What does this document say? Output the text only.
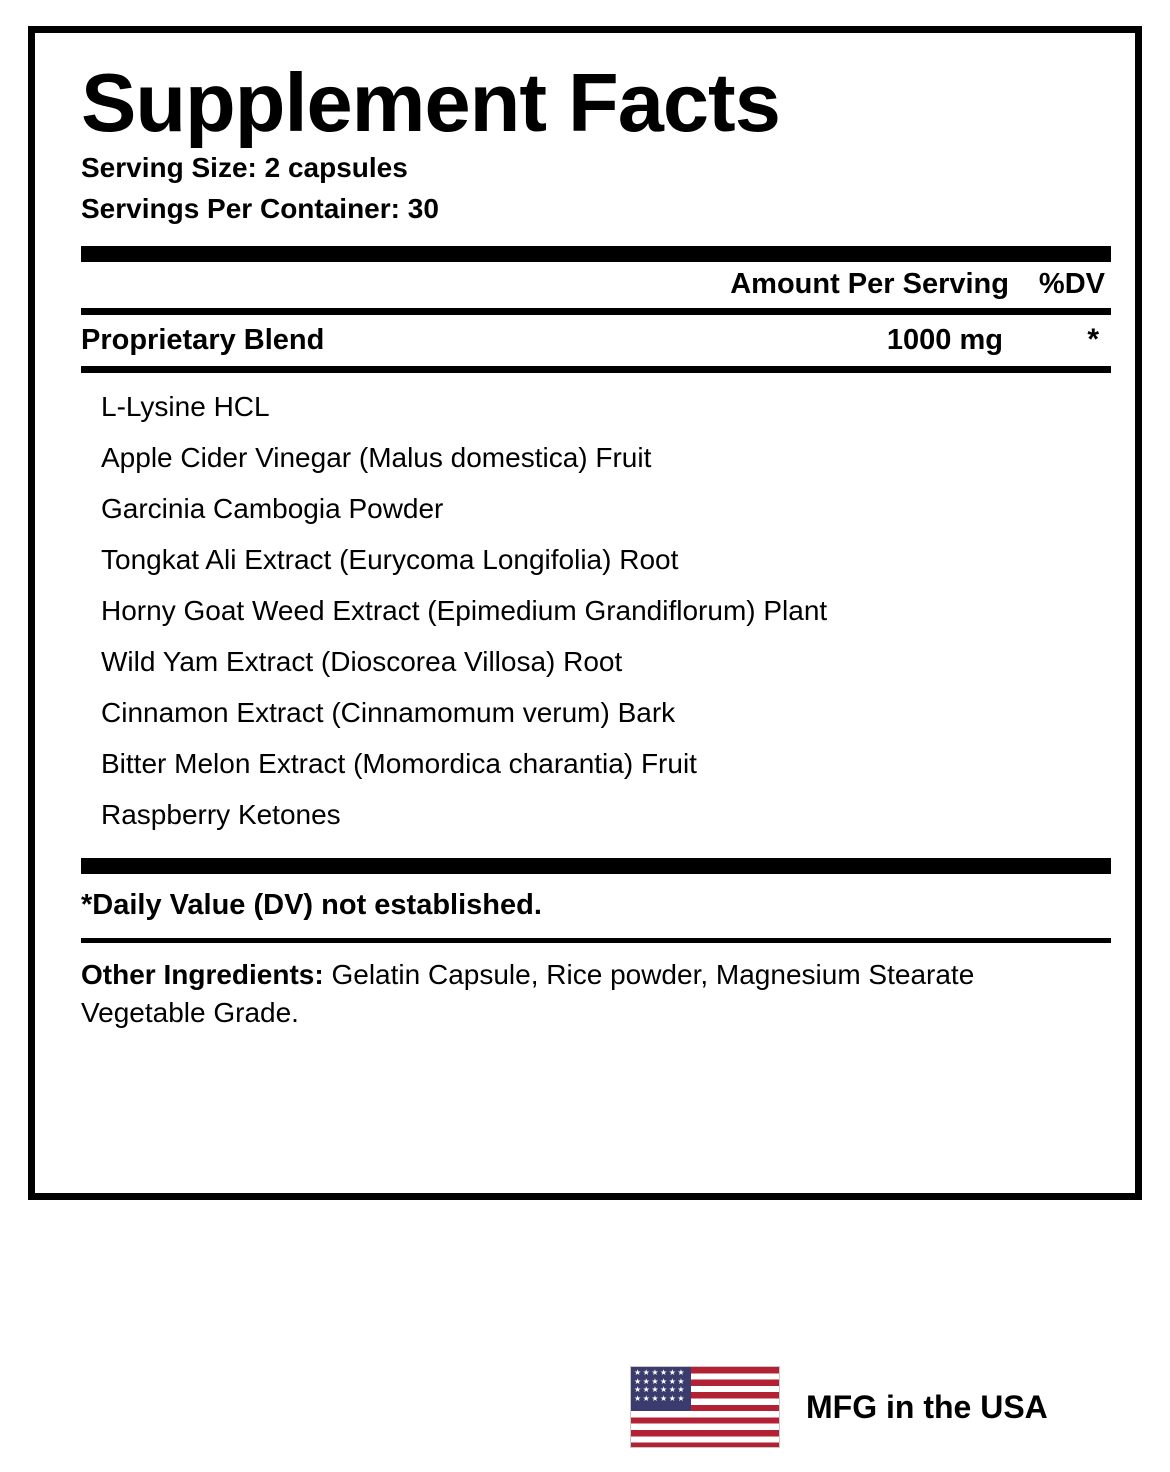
Supplement Facts
Serving Size: 2 capsules
Servings Per Container: 30
Amount Per Serving	%DV
Proprietary Blend	1000 mg	*
L-Lysine HCL
Apple Cider Vinegar (Malus domestica) Fruit
Garcinia Cambogia Powder
Tongkat Ali Extract (Eurycoma Longifolia) Root
Horny Goat Weed Extract (Epimedium Grandiflorum) Plant
Wild Yam Extract (Dioscorea Villosa) Root
Cinnamon Extract (Cinnamomum verum) Bark
Bitter Melon Extract (Momordica charantia) Fruit
Raspberry Ketones
*Daily Value (DV) not established.
Other Ingredients: Gelatin Capsule, Rice powder, Magnesium Stearate Vegetable Grade.
★★★★★★
★★★★★★
★★★★★★
★★★★★★	MFG in the USA
